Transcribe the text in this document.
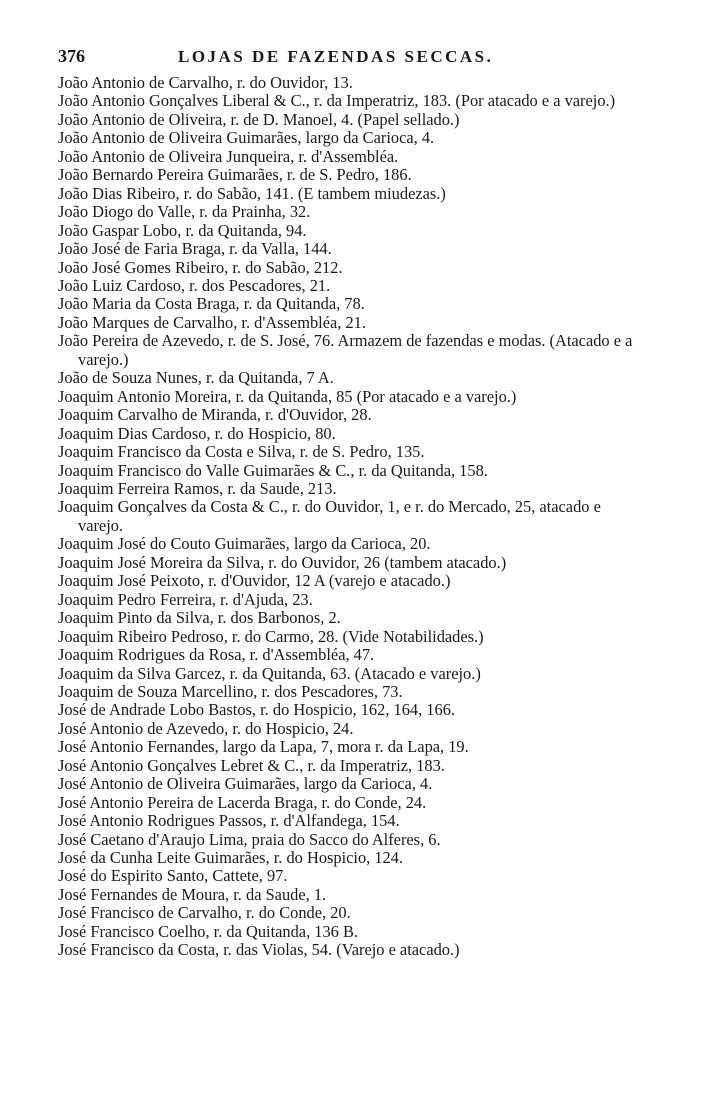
376	LOJAS DE FAZENDAS SECCAS.
João Antonio de Carvalho, r. do Ouvidor, 13.
João Antonio Gonçalves Liberal & C., r. da Imperatriz, 183. (Por atacado e a varejo.)
João Antonio de Oliveira, r. de D. Manoel, 4. (Papel sellado.)
João Antonio de Oliveira Guimarães, largo da Carioca, 4.
João Antonio de Oliveira Junqueira, r. d'Assembléa.
João Bernardo Pereira Guimarães, r. de S. Pedro, 186.
João Dias Ribeiro, r. do Sabão, 141. (E tambem miudezas.)
João Diogo do Valle, r. da Prainha, 32.
João Gaspar Lobo, r. da Quitanda, 94.
João José de Faria Braga, r. da Valla, 144.
João José Gomes Ribeiro, r. do Sabão, 212.
João Luiz Cardoso, r. dos Pescadores, 21.
João Maria da Costa Braga, r. da Quitanda, 78.
João Marques de Carvalho, r. d'Assembléa, 21.
João Pereira de Azevedo, r. de S. José, 76. Armazem de fazendas e modas. (Atacado e a varejo.)
João de Souza Nunes, r. da Quitanda, 7 A.
Joaquim Antonio Moreira, r. da Quitanda, 85 (Por atacado e a varejo.)
Joaquim Carvalho de Miranda, r. d'Ouvidor, 28.
Joaquim Dias Cardoso, r. do Hospicio, 80.
Joaquim Francisco da Costa e Silva, r. de S. Pedro, 135.
Joaquim Francisco do Valle Guimarães & C., r. da Quitanda, 158.
Joaquim Ferreira Ramos, r. da Saude, 213.
Joaquim Gonçalves da Costa & C., r. do Ouvidor, 1, e r. do Mercado, 25, atacado e varejo.
Joaquim José do Couto Guimarães, largo da Carioca, 20.
Joaquim José Moreira da Silva, r. do Ouvidor, 26 (tambem atacado.)
Joaquim José Peixoto, r. d'Ouvidor, 12 A (varejo e atacado.)
Joaquim Pedro Ferreira, r. d'Ajuda, 23.
Joaquim Pinto da Silva, r. dos Barbonos, 2.
Joaquim Ribeiro Pedroso, r. do Carmo, 28. (Vide Notabilidades.)
Joaquim Rodrigues da Rosa, r. d'Assembléa, 47.
Joaquim da Silva Garcez, r. da Quitanda, 63. (Atacado e varejo.)
Joaquim de Souza Marcellino, r. dos Pescadores, 73.
José de Andrade Lobo Bastos, r. do Hospicio, 162, 164, 166.
José Antonio de Azevedo, r. do Hospicio, 24.
José Antonio Fernandes, largo da Lapa, 7, mora r. da Lapa, 19.
José Antonio Gonçalves Lebret & C., r. da Imperatriz, 183.
José Antonio de Oliveira Guimarães, largo da Carioca, 4.
José Antonio Pereira de Lacerda Braga, r. do Conde, 24.
José Antonio Rodrigues Passos, r. d'Alfandega, 154.
José Caetano d'Araujo Lima, praia do Sacco do Alferes, 6.
José da Cunha Leite Guimarães, r. do Hospicio, 124.
José do Espirito Santo, Cattete, 97.
José Fernandes de Moura, r. da Saude, 1.
José Francisco de Carvalho, r. do Conde, 20.
José Francisco Coelho, r. da Quitanda, 136 B.
José Francisco da Costa, r. das Violas, 54. (Varejo e atacado.)
